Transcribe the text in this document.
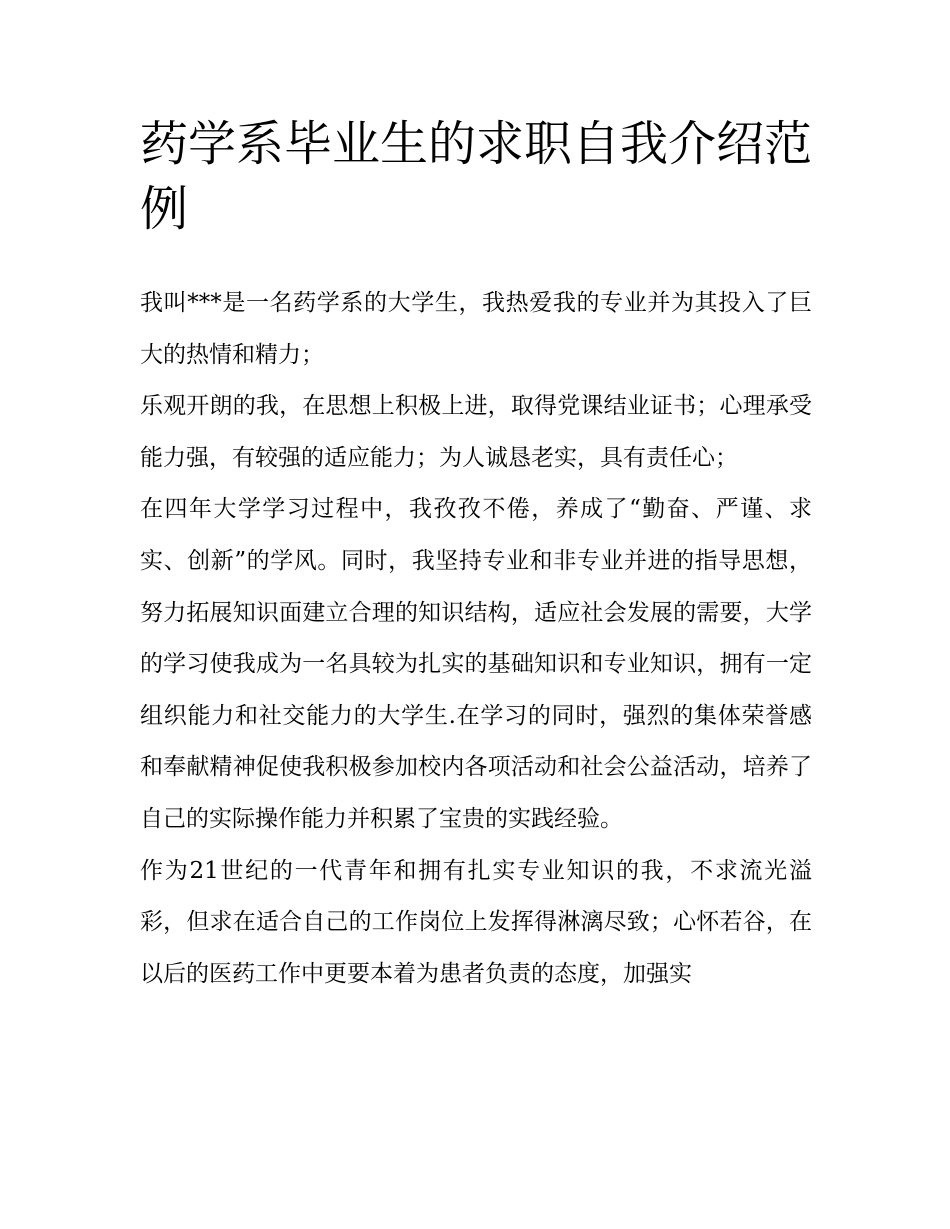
药学系毕业生的求职自我介绍范例

我叫***是一名药学系的大学生，我热爱我的专业并为其投入了巨大的热情和精力；

乐观开朗的我，在思想上积极上进，取得党课结业证书；心理承受能力强，有较强的适应能力；为人诚恳老实，具有责任心；

在四年大学学习过程中，我孜孜不倦，养成了“勤奋、严谨、求实、创新”的学风。同时，我坚持专业和非专业并进的指导思想，努力拓展知识面建立合理的知识结构，适应社会发展的需要，大学的学习使我成为一名具较为扎实的基础知识和专业知识，拥有一定组织能力和社交能力的大学生.在学习的同时，强烈的集体荣誉感和奉献精神促使我积极参加校内各项活动和社会公益活动，培养了自己的实际操作能力并积累了宝贵的实践经验。

作为21世纪的一代青年和拥有扎实专业知识的我，不求流光溢彩，但求在适合自己的工作岗位上发挥得淋漓尽致；心怀若谷，在以后的医药工作中更要本着为患者负责的态度，加强实
